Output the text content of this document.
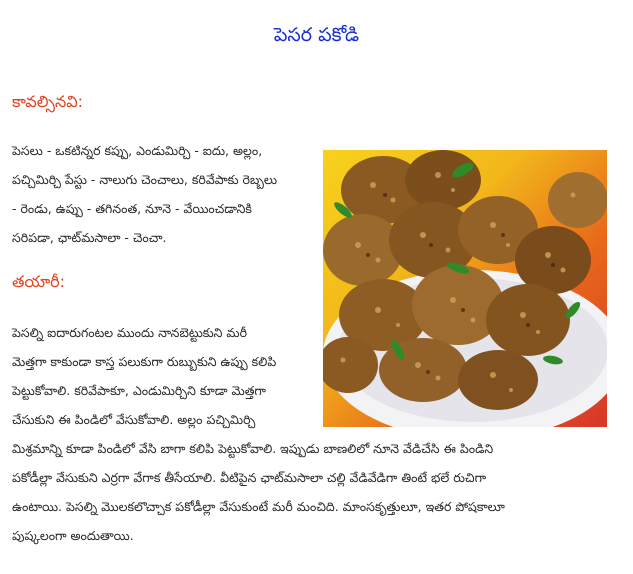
పెసర పకోడి
కావల్సినవి:
పెసలు - ఒకటిన్నర కప్పు, ఎండుమిర్చి - ఐదు, అల్లం,
పచ్చిమిర్చి పేస్టు - నాలుగు చెంచాలు, కరివేపాకు రెబ్బలు
- రెండు, ఉప్పు - తగినంత, నూనె - వేయించడానికి
సరిపడా, ఛాట్‌మసాలా - చెంచా.
తయారీ:
పెసల్ని ఐదారుగంటల ముందు నానబెట్టుకుని మరీ
మెత్తగా కాకుండా కాస్త పలుకుగా రుబ్బుకుని ఉప్పు కలిపి
పెట్టుకోవాలి. కరివేపాకూ, ఎండుమిర్చిని కూడా మెత్తగా
చేసుకుని ఈ పిండిలో వేసుకోవాలి. అల్లం పచ్చిమిర్చి
మిశ్రమాన్ని కూడా పిండిలో వేసి బాగా కలిపి పెట్టుకోవాలి. ఇప్పుడు బాణలిలో నూనె వేడిచేసి ఈ పిండిని
పకోడీల్లా వేసుకుని ఎర్రగా వేగాక తీసేయాలి. వీటిపైన ఛాట్‌మసాలా చల్లి వేడివేడిగా తింటే భలే రుచిగా
ఉంటాయి. పెసల్ని మొలకలొచ్చాక పకోడీల్లా వేసుకుంటే మరీ మంచిది. మాంసకృత్తులూ, ఇతర పోషకాలూ
పుష్కలంగా అందుతాయి.
